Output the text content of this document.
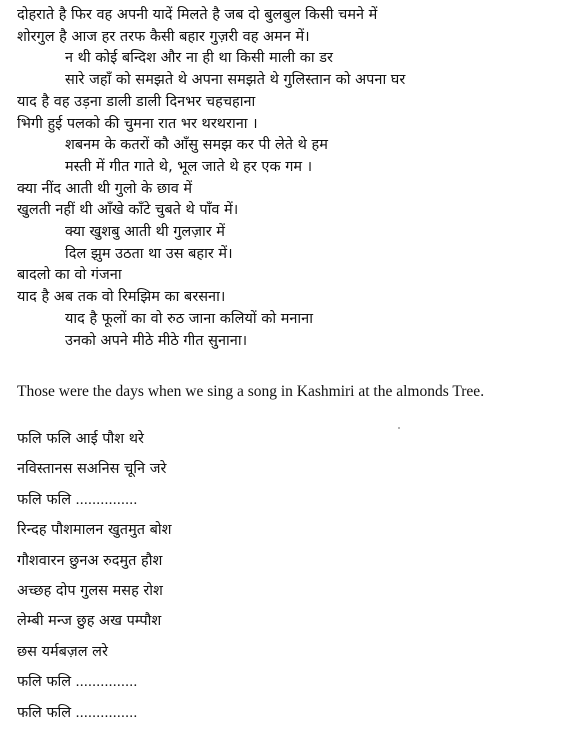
दोहराते है फिर वह अपनी यादें मिलते है जब दो बुलबुल किसी चमने में
शोरगुल है आज हर तरफ कैसी बहार गुज़री वह अमन में।
न थी कोई बन्दिश और ना ही था किसी माली का डर
सारे जहाँ को समझते थे अपना समझते थे गुलिस्तान को अपना घर
याद है वह उड़ना डाली डाली दिनभर चहचहाना
भिगी हुई पलको की चुमना रात भर थरथराना ।
शबनम के कतरों कौ आँसु समझ कर पी लेते थे हम
मस्ती में गीत गाते थे, भूल जाते थे हर एक गम ।
क्या नींद आती थी गुलो के छाव में
खुलती नहीं थी आँखे काँटे चुबते थे पाँव में।
क्या खुशबु आती थी गुलज़ार में
दिल झुम उठता था उस बहार में।
बादलो का वो गंजना
याद है अब तक वो रिमझिम का बरसना।
याद है फूलों का वो रुठ जाना कलियों को मनाना
उनको अपने मीठे मीठे गीत सुनाना।
Those were the days when we sing a song in Kashmiri at the almonds Tree.
फलि फलि आई पौश थरे
नविस्तानस सअनिस चूनि जरे
फलि फलि ...............
रिन्दह पौशमालन खुतमुत बोश
गौशवारन छुनअ रुदमुत हौश
अच्छह दोप गुलस मसह रोश
लेम्बी मन्ज छुह अख पम्पौश
छस यर्मबज़ल लरे
फलि फलि ...............
फलि फलि ...............
